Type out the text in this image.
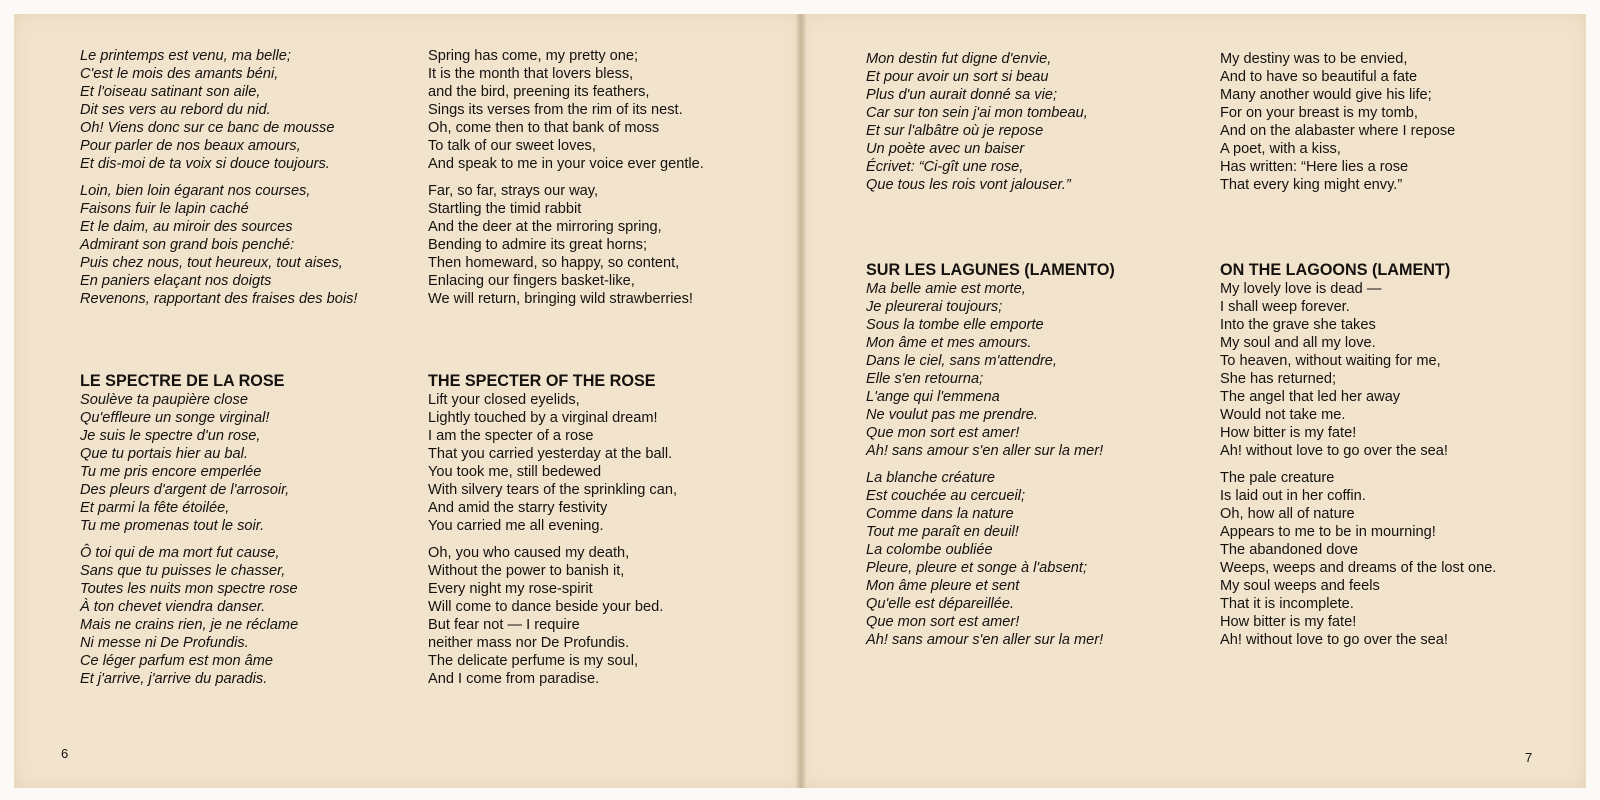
Le printemps est venu, ma belle;
C'est le mois des amants béni,
Et l'oiseau satinant son aile,
Dit ses vers au rebord du nid.
Oh! Viens donc sur ce banc de mousse
Pour parler de nos beaux amours,
Et dis-moi de ta voix si douce toujours.
Loin, bien loin égarant nos courses,
Faisons fuir le lapin caché
Et le daim, au miroir des sources
Admirant son grand bois penché:
Puis chez nous, tout heureux, tout aises,
En paniers elaçant nos doigts
Revenons, rapportant des fraises des bois!
Spring has come, my pretty one;
It is the month that lovers bless,
and the bird, preening its feathers,
Sings its verses from the rim of its nest.
Oh, come then to that bank of moss
To talk of our sweet loves,
And speak to me in your voice ever gentle.
Far, so far, strays our way,
Startling the timid rabbit
And the deer at the mirroring spring,
Bending to admire its great horns;
Then homeward, so happy, so content,
Enlacing our fingers basket-like,
We will return, bringing wild strawberries!
LE SPECTRE DE LA ROSE
Soulève ta paupière close
Qu'effleure un songe virginal!
Je suis le spectre d'un rose,
Que tu portais hier au bal.
Tu me pris encore emperlée
Des pleurs d'argent de l'arrosoir,
Et parmi la fête étoilée,
Tu me promenas tout le soir.
Ô toi qui de ma mort fut cause,
Sans que tu puisses le chasser,
Toutes les nuits mon spectre rose
À ton chevet viendra danser.
Mais ne crains rien, je ne réclame
Ni messe ni De Profundis.
Ce léger parfum est mon âme
Et j'arrive, j'arrive du paradis.
THE SPECTER OF THE ROSE
Lift your closed eyelids,
Lightly touched by a virginal dream!
I am the specter of a rose
That you carried yesterday at the ball.
You took me, still bedewed
With silvery tears of the sprinkling can,
And amid the starry festivity
You carried me all evening.
Oh, you who caused my death,
Without the power to banish it,
Every night my rose-spirit
Will come to dance beside your bed.
But fear not — I require
neither mass nor De Profundis.
The delicate perfume is my soul,
And I come from paradise.
Mon destin fut digne d'envie,
Et pour avoir un sort si beau
Plus d'un aurait donné sa vie;
Car sur ton sein j'ai mon tombeau,
Et sur l'albâtre où je repose
Un poète avec un baiser
Écrivet: “Ci-gît une rose,
Que tous les rois vont jalouser.”
My destiny was to be envied,
And to have so beautiful a fate
Many another would give his life;
For on your breast is my tomb,
And on the alabaster where I repose
A poet, with a kiss,
Has written: “Here lies a rose
That every king might envy.”
SUR LES LAGUNES (LAMENTO)
Ma belle amie est morte,
Je pleurerai toujours;
Sous la tombe elle emporte
Mon âme et mes amours.
Dans le ciel, sans m'attendre,
Elle s'en retourna;
L'ange qui l'emmena
Ne voulut pas me prendre.
Que mon sort est amer!
Ah! sans amour s'en aller sur la mer!
La blanche créature
Est couchée au cercueil;
Comme dans la nature
Tout me paraît en deuil!
La colombe oubliée
Pleure, pleure et songe à l'absent;
Mon âme pleure et sent
Qu'elle est dépareillée.
Que mon sort est amer!
Ah! sans amour s'en aller sur la mer!
ON THE LAGOONS (LAMENT)
My lovely love is dead —
I shall weep forever.
Into the grave she takes
My soul and all my love.
To heaven, without waiting for me,
She has returned;
The angel that led her away
Would not take me.
How bitter is my fate!
Ah! without love to go over the sea!
The pale creature
Is laid out in her coffin.
Oh, how all of nature
Appears to me to be in mourning!
The abandoned dove
Weeps, weeps and dreams of the lost one.
My soul weeps and feels
That it is incomplete.
How bitter is my fate!
Ah! without love to go over the sea!
6	7
